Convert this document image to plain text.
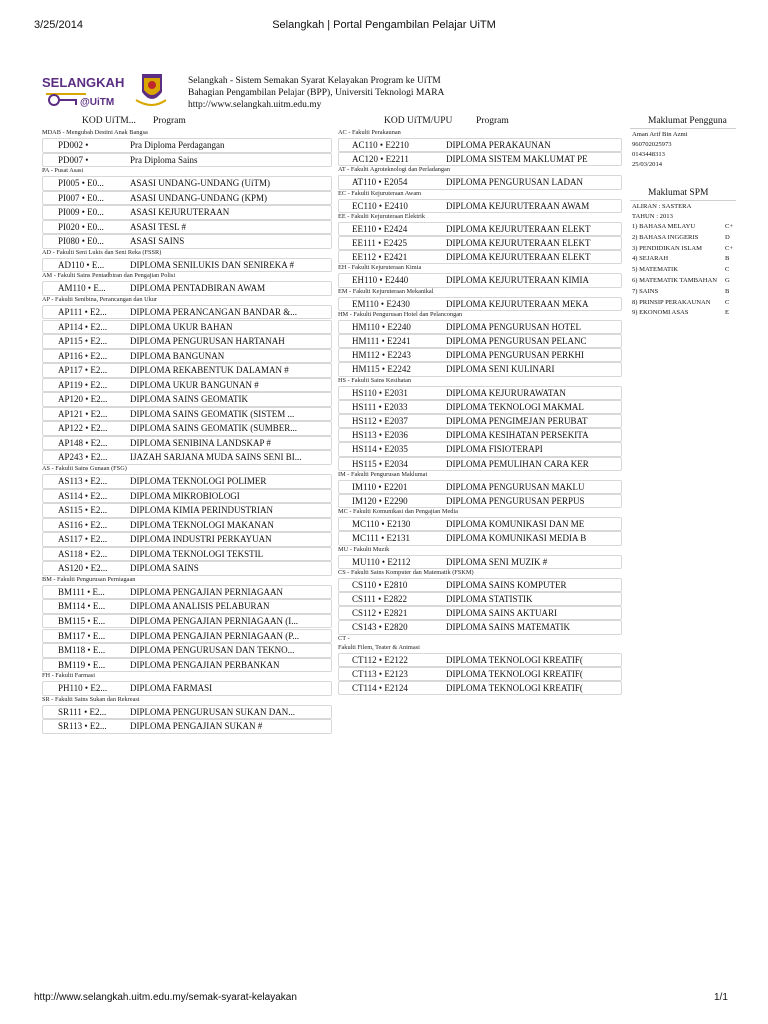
3/25/2014	Selangkah | Portal Pengambilan Pelajar UiTM
SELANGKAH
@UiTM
Selangkah - Sistem Semakan Syarat Kelayakan Program ke UiTM
Bahagian Pengambilan Pelajar (BPP), Universiti Teknologi MARA
http://www.selangkah.uitm.edu.my
KOD UiTM... Program	KOD UiTM/UPU Program
MDAB - Mengubah Destini Anak Bangsa
PD002 •	Pra Diploma Perdagangan
PD007 •	Pra Diploma Sains
PA - Pusat Asasi
PI005 • E0...	ASASI UNDANG-UNDANG (UiTM)
PI007 • E0...	ASASI UNDANG-UNDANG (KPM)
PI009 • E0...	ASASI KEJURUTERAAN
PI020 • E0...	ASASI TESL #
PI080 • E0...	ASASI SAINS
AD - Fakulti Seni Lukis dan Seni Reka (FSSR)
AD110 • E...	DIPLOMA SENILUKIS DAN SENIREKA #
AM - Fakulti Sains Pentadbiran dan Pengajian Polisi
AM110 • E...	DIPLOMA PENTADBIRAN AWAM
AP - Fakulti Senibina, Perancangan dan Ukur
AP111 • E2...	DIPLOMA PERANCANGAN BANDAR &...
AP114 • E2...	DIPLOMA UKUR BAHAN
AP115 • E2...	DIPLOMA PENGURUSAN HARTANAH
AP116 • E2...	DIPLOMA BANGUNAN
AP117 • E2...	DIPLOMA REKABENTUK DALAMAN #
AP119 • E2...	DIPLOMA UKUR BANGUNAN #
AP120 • E2...	DIPLOMA SAINS GEOMATIK
AP121 • E2...	DIPLOMA SAINS GEOMATIK (SISTEM ...
AP122 • E2...	DIPLOMA SAINS GEOMATIK (SUMBER...
AP148 • E2...	DIPLOMA SENIBINA LANDSKAP #
AP243 • E2...	IJAZAH SARJANA MUDA SAINS SENI BI...
AS - Fakulti Sains Gunaan (FSG)
AS113 • E2...	DIPLOMA TEKNOLOGI POLIMER
AS114 • E2...	DIPLOMA MIKROBIOLOGI
AS115 • E2...	DIPLOMA KIMIA PERINDUSTRIAN
AS116 • E2...	DIPLOMA TEKNOLOGI MAKANAN
AS117 • E2...	DIPLOMA INDUSTRI PERKAYUAN
AS118 • E2...	DIPLOMA TEKNOLOGI TEKSTIL
AS120 • E2...	DIPLOMA SAINS
BM - Fakulti Pengurusan Perniagaan
BM111 • E...	DIPLOMA PENGAJIAN PERNIAGAAN
BM114 • E...	DIPLOMA ANALISIS PELABURAN
BM115 • E...	DIPLOMA PENGAJIAN PERNIAGAAN (I...
BM117 • E...	DIPLOMA PENGAJIAN PERNIAGAAN (P...
BM118 • E...	DIPLOMA PENGURUSAN DAN TEKNO...
BM119 • E...	DIPLOMA PENGAJIAN PERBANKAN
FH - Fakulti Farmasi
PH110 • E2...	DIPLOMA FARMASI
SR - Fakulti Sains Sukan dan Rekreasi
SR111 • E2...	DIPLOMA PENGURUSAN SUKAN DAN...
SR113 • E2...	DIPLOMA PENGAJIAN SUKAN #
AC - Fakulti Perakaunan
AC110 • E2210	DIPLOMA PERAKAUNAN
AC120 • E2211	DIPLOMA SISTEM MAKLUMAT PE
AT - Fakulti Agroteknologi dan Perladangan
AT110 • E2054	DIPLOMA PENGURUSAN LADAN
EC - Fakulti Kejuruteraan Awam
EC110 • E2410	DIPLOMA KEJURUTERAAN AWAM
EE - Fakulti Kejuruteraan Elektrik
EE110 • E2424	DIPLOMA KEJURUTERAAN ELEKT
EE111 • E2425	DIPLOMA KEJURUTERAAN ELEKT
EE112 • E2421	DIPLOMA KEJURUTERAAN ELEKT
EH - Fakulti Kejuruteraan Kimia
EH110 • E2440	DIPLOMA KEJURUTERAAN KIMIA
EM - Fakulti Kejuruteraan Mekanikal
EM110 • E2430	DIPLOMA KEJURUTERAAN MEKA
HM - Fakulti Pengurusan Hotel dan Pelancongan
HM110 • E2240	DIPLOMA PENGURUSAN HOTEL
HM111 • E2241	DIPLOMA PENGURUSAN PELANC
HM112 • E2243	DIPLOMA PENGURUSAN PERKHI
HM115 • E2242	DIPLOMA SENI KULINARI
HS - Fakulti Sains Kesihatan
HS110 • E2031	DIPLOMA KEJURURAWATAN
HS111 • E2033	DIPLOMA TEKNOLOGI MAKMAL
HS112 • E2037	DIPLOMA PENGIMEJAN PERUBAT
HS113 • E2036	DIPLOMA KESIHATAN PERSEKITA
HS114 • E2035	DIPLOMA FISIOTERAPI
HS115 • E2034	DIPLOMA PEMULIHAN CARA KER
IM - Fakulti Pengurusan Maklumat
IM110 • E2201	DIPLOMA PENGURUSAN MAKLU
IM120 • E2290	DIPLOMA PENGURUSAN PERPUS
MC - Fakulti Komunikasi dan Pengajian Media
MC110 • E2130	DIPLOMA KOMUNIKASI DAN ME
MC111 • E2131	DIPLOMA KOMUNIKASI MEDIA B
MU - Fakulti Muzik
MU110 • E2112	DIPLOMA SENI MUZIK #
CS - Fakulti Sains Komputer dan Matematik (FSKM)
CS110 • E2810	DIPLOMA SAINS KOMPUTER
CS111 • E2822	DIPLOMA STATISTIK
CS112 • E2821	DIPLOMA SAINS AKTUARI
CS143 • E2820	DIPLOMA SAINS MATEMATIK
CT -
Fakulti Filem, Teater & Animasi
CT112 • E2122	DIPLOMA TEKNOLOGI KREATIF(
CT113 • E2123	DIPLOMA TEKNOLOGI KREATIF(
CT114 • E2124	DIPLOMA TEKNOLOGI KREATIF(
Maklumat Pengguna
Aman Arif Bin Azmi
960702025973
0143448313
25/03/2014
Maklumat SPM
ALIRAN : SASTERA
TAHUN : 2013
1) BAHASA MELAYU	C+
2) BAHASA INGGERIS	D
3) PENDIDIKAN ISLAM	C+
4) SEJARAH	B
5) MATEMATIK	C
6) MATEMATIK TAMBAHAN G
7) SAINS	B
8) PRINSIP PERAKAUNAN C
9) EKONOMI ASAS	E
http://www.selangkah.uitm.edu.my/semak-syarat-kelayakan	1/1
